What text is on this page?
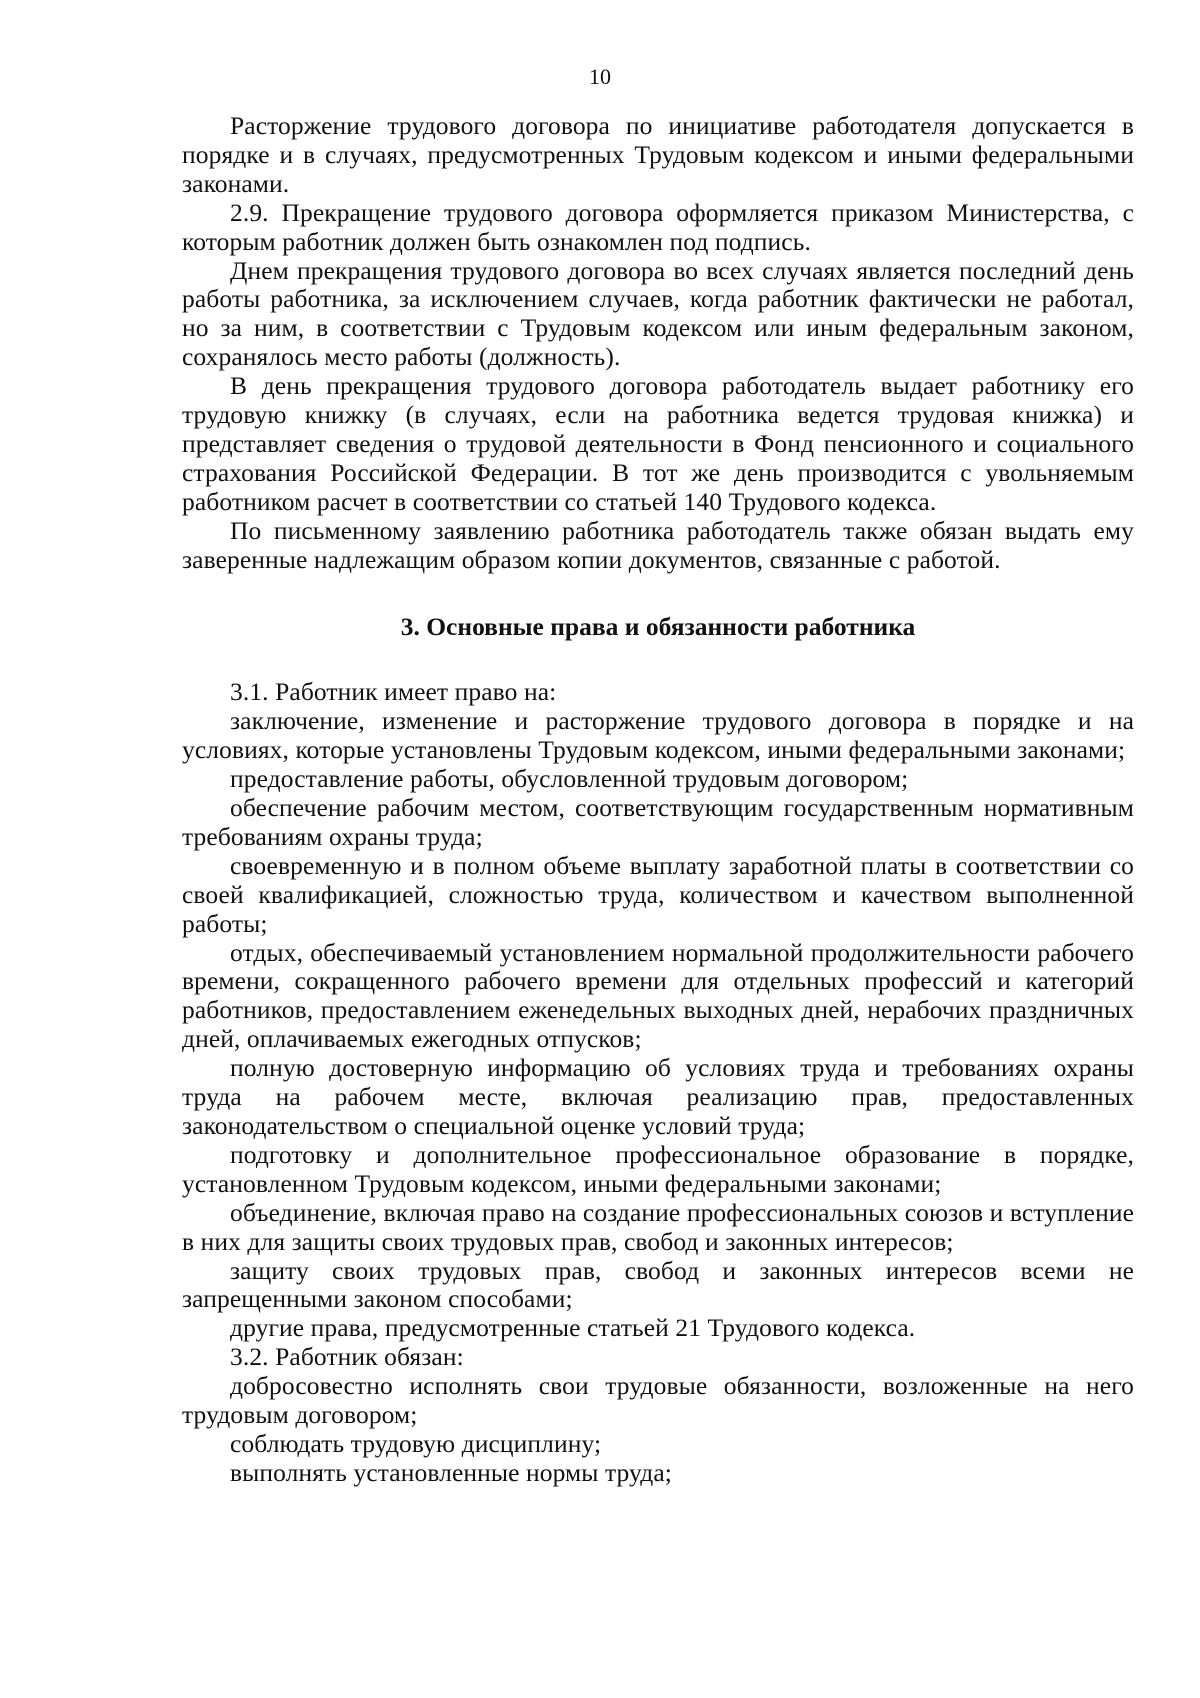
10

Расторжение трудового договора по инициативе работодателя допускается в порядке и в случаях, предусмотренных Трудовым кодексом и иными федеральными законами.

2.9. Прекращение трудового договора оформляется приказом Министерства, с которым работник должен быть ознакомлен под подпись.

Днем прекращения трудового договора во всех случаях является последний день работы работника, за исключением случаев, когда работник фактически не работал, но за ним, в соответствии с Трудовым кодексом или иным федеральным законом, сохранялось место работы (должность).

В день прекращения трудового договора работодатель выдает работнику его трудовую книжку (в случаях, если на работника ведется трудовая книжка) и представляет сведения о трудовой деятельности в Фонд пенсионного и социального страхования Российской Федерации. В тот же день производится с увольняемым работником расчет в соответствии со статьей 140 Трудового кодекса.

По письменному заявлению работника работодатель также обязан выдать ему заверенные надлежащим образом копии документов, связанные с работой.

3. Основные права и обязанности работника

3.1. Работник имеет право на:

заключение, изменение и расторжение трудового договора в порядке и на условиях, которые установлены Трудовым кодексом, иными федеральными законами;

предоставление работы, обусловленной трудовым договором;

обеспечение рабочим местом, соответствующим государственным нормативным требованиям охраны труда;

своевременную и в полном объеме выплату заработной платы в соответствии со своей квалификацией, сложностью труда, количеством и качеством выполненной работы;

отдых, обеспечиваемый установлением нормальной продолжительности рабочего времени, сокращенного рабочего времени для отдельных профессий и категорий работников, предоставлением еженедельных выходных дней, нерабочих праздничных дней, оплачиваемых ежегодных отпусков;

полную достоверную информацию об условиях труда и требованиях охраны труда на рабочем месте, включая реализацию прав, предоставленных законодательством о специальной оценке условий труда;

подготовку и дополнительное профессиональное образование в порядке, установленном Трудовым кодексом, иными федеральными законами;

объединение, включая право на создание профессиональных союзов и вступление в них для защиты своих трудовых прав, свобод и законных интересов;

защиту своих трудовых прав, свобод и законных интересов всеми не запрещенными законом способами;

другие права, предусмотренные статьей 21 Трудового кодекса.

3.2. Работник обязан:

добросовестно исполнять свои трудовые обязанности, возложенные на него трудовым договором;

соблюдать трудовую дисциплину;

выполнять установленные нормы труда;
